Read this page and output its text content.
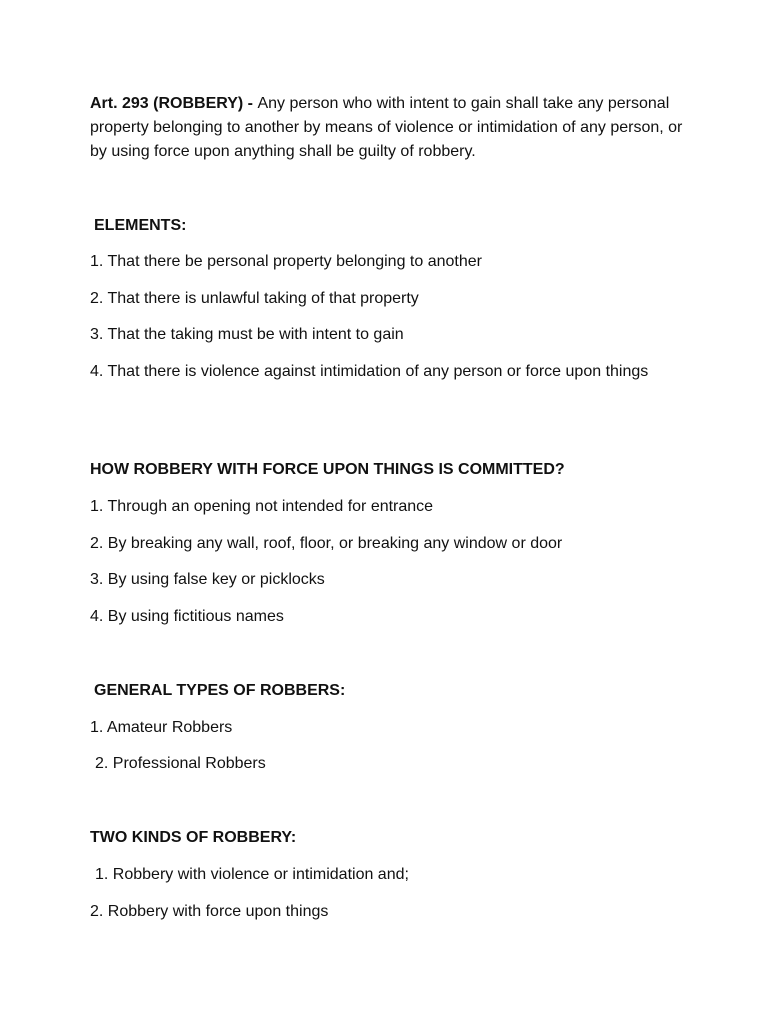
Art. 293 (ROBBERY) - Any person who with intent to gain shall take any personal property belonging to another by means of violence or intimidation of any person, or by using force upon anything shall be guilty of robbery.

ELEMENTS:

1. That there be personal property belonging to another

2. That there is unlawful taking of that property

3. That the taking must be with intent to gain

4. That there is violence against intimidation of any person or force upon things

HOW ROBBERY WITH FORCE UPON THINGS IS COMMITTED?

1. Through an opening not intended for entrance

2. By breaking any wall, roof, floor, or breaking any window or door

3. By using false key or picklocks

4. By using fictitious names

GENERAL TYPES OF ROBBERS:

1. Amateur Robbers

2. Professional Robbers

TWO KINDS OF ROBBERY:

1. Robbery with violence or intimidation and;

2. Robbery with force upon things
